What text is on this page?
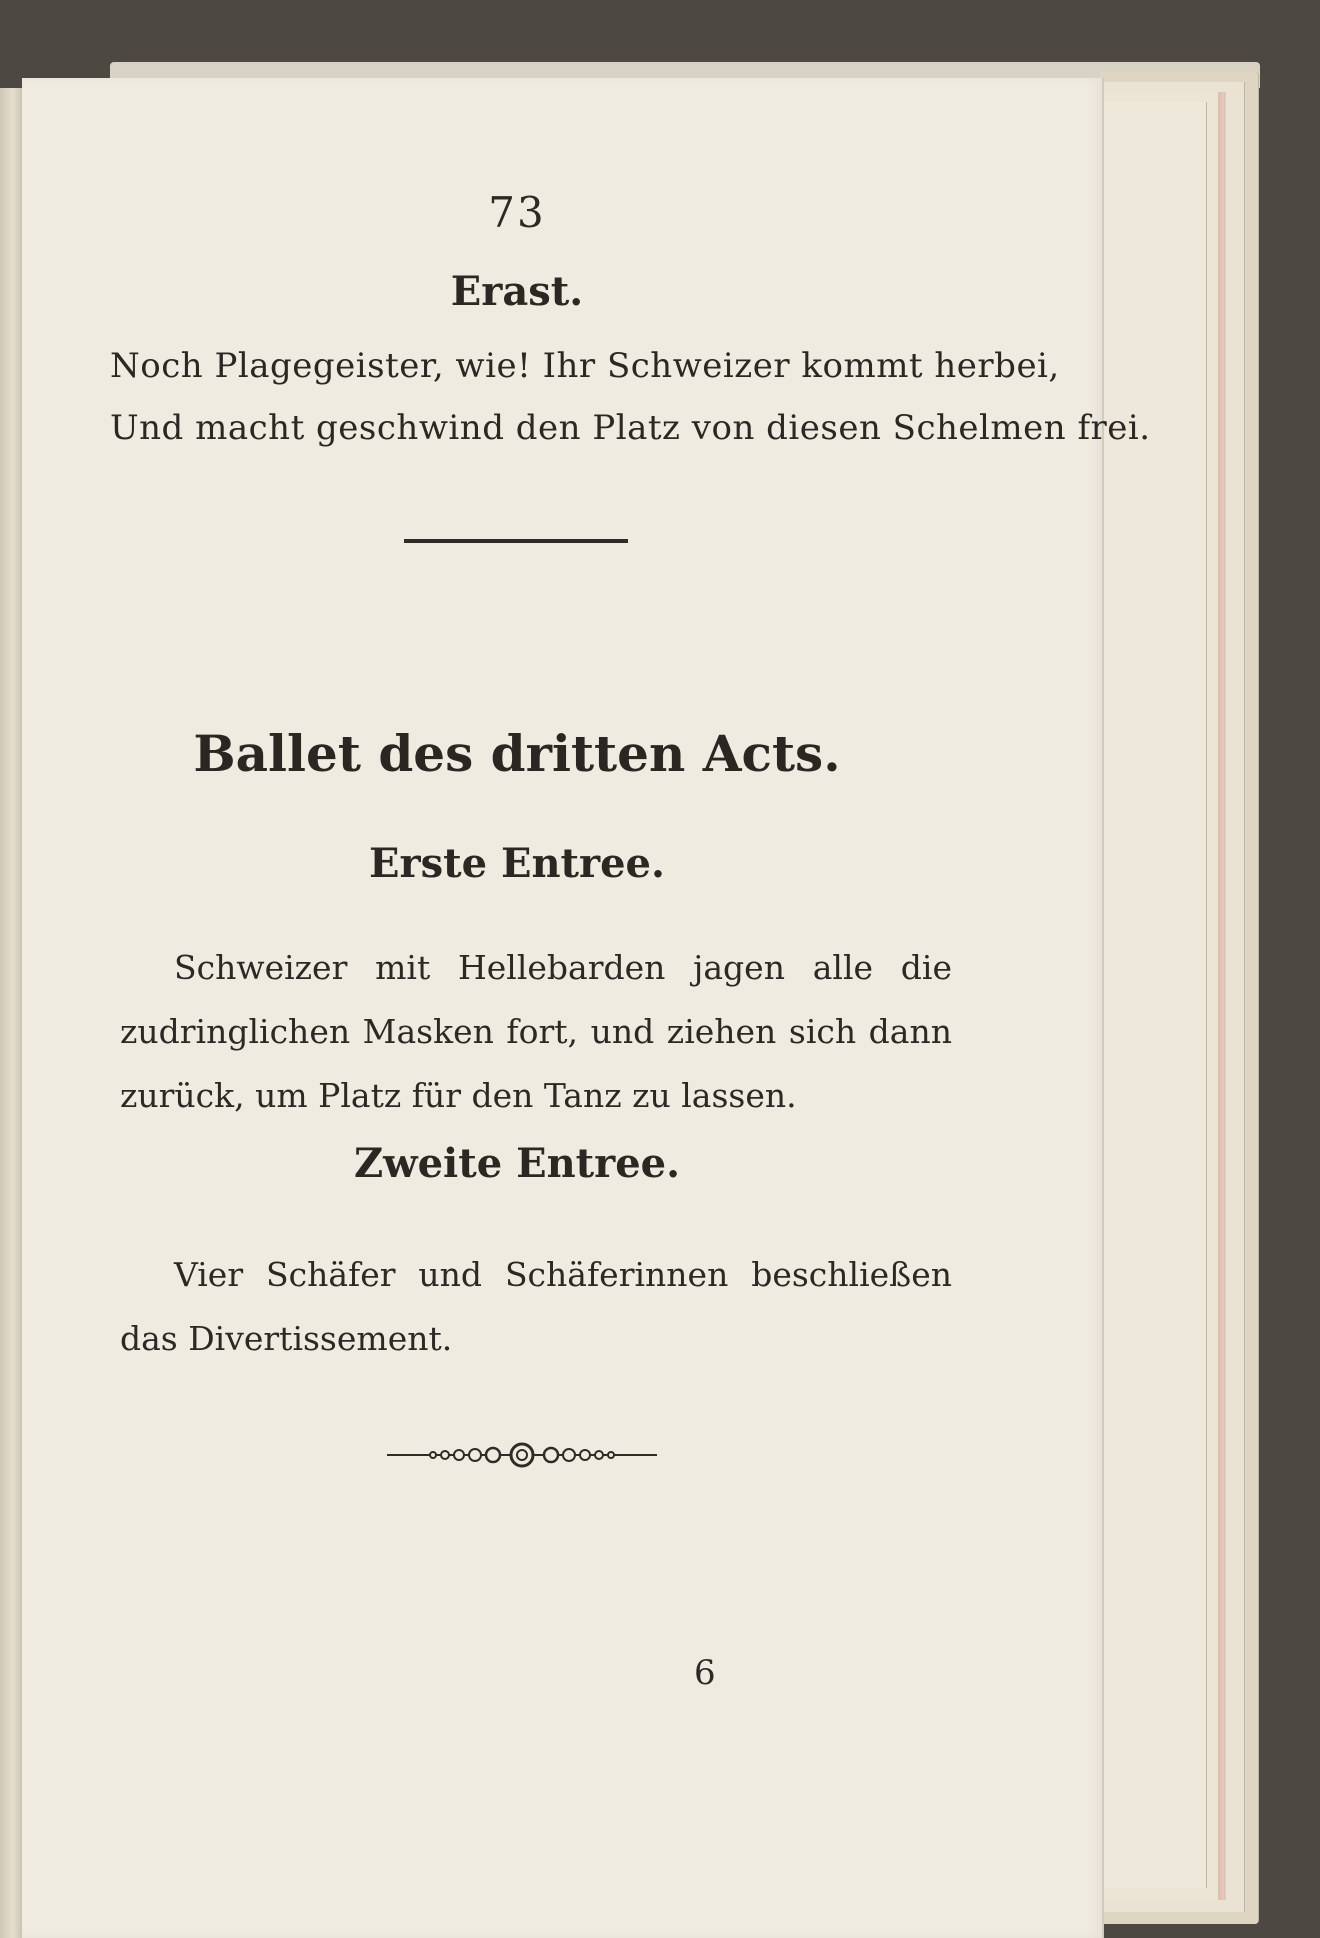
73
Erast.
Noch Plagegeister, wie! Ihr Schweizer kommt herbei,
Und macht geschwind den Platz von diesen Schelmen frei.
Ballet des dritten Acts.
Erste Entree.
Schweizer mit Hellebarden jagen alle die zudringlichen Masken fort, und ziehen sich dann zurück, um Platz für den Tanz zu lassen.
Zweite Entree.
Vier Schäfer und Schäferinnen beschließen das Divertissement.
6
